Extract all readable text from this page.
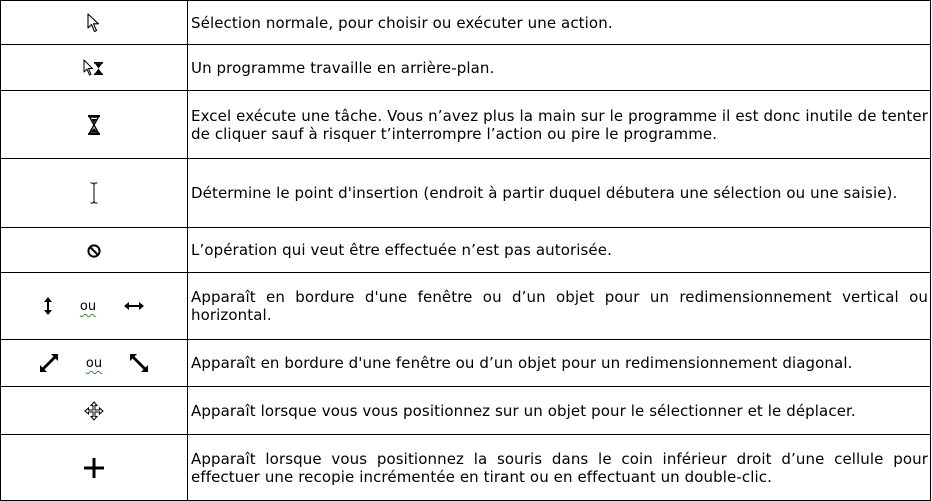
	Sélection normale, pour choisir ou exécuter une action.
	Un programme travaille en arrière-plan.
	Excel exécute une tâche. Vous n’avez plus la main sur le programme il est donc inutile de tenter de cliquer sauf à risquer t’interrompre l’action ou pire le programme.
	Détermine le point d'insertion (endroit à partir duquel débutera une sélection ou une saisie).
	L’opération qui veut être effectuée n’est pas autorisée.
ou	Apparaît en bordure d'une fenêtre ou d’un objet pour un redimensionnement vertical ou horizontal.
ou	Apparaît en bordure d'une fenêtre ou d’un objet pour un redimensionnement diagonal.
	Apparaît lorsque vous vous positionnez sur un objet pour le sélectionner et le déplacer.
	Apparaît lorsque vous positionnez la souris dans le coin inférieur droit d’une cellule pour effectuer une recopie incrémentée en tirant ou en effectuant un double-clic.
